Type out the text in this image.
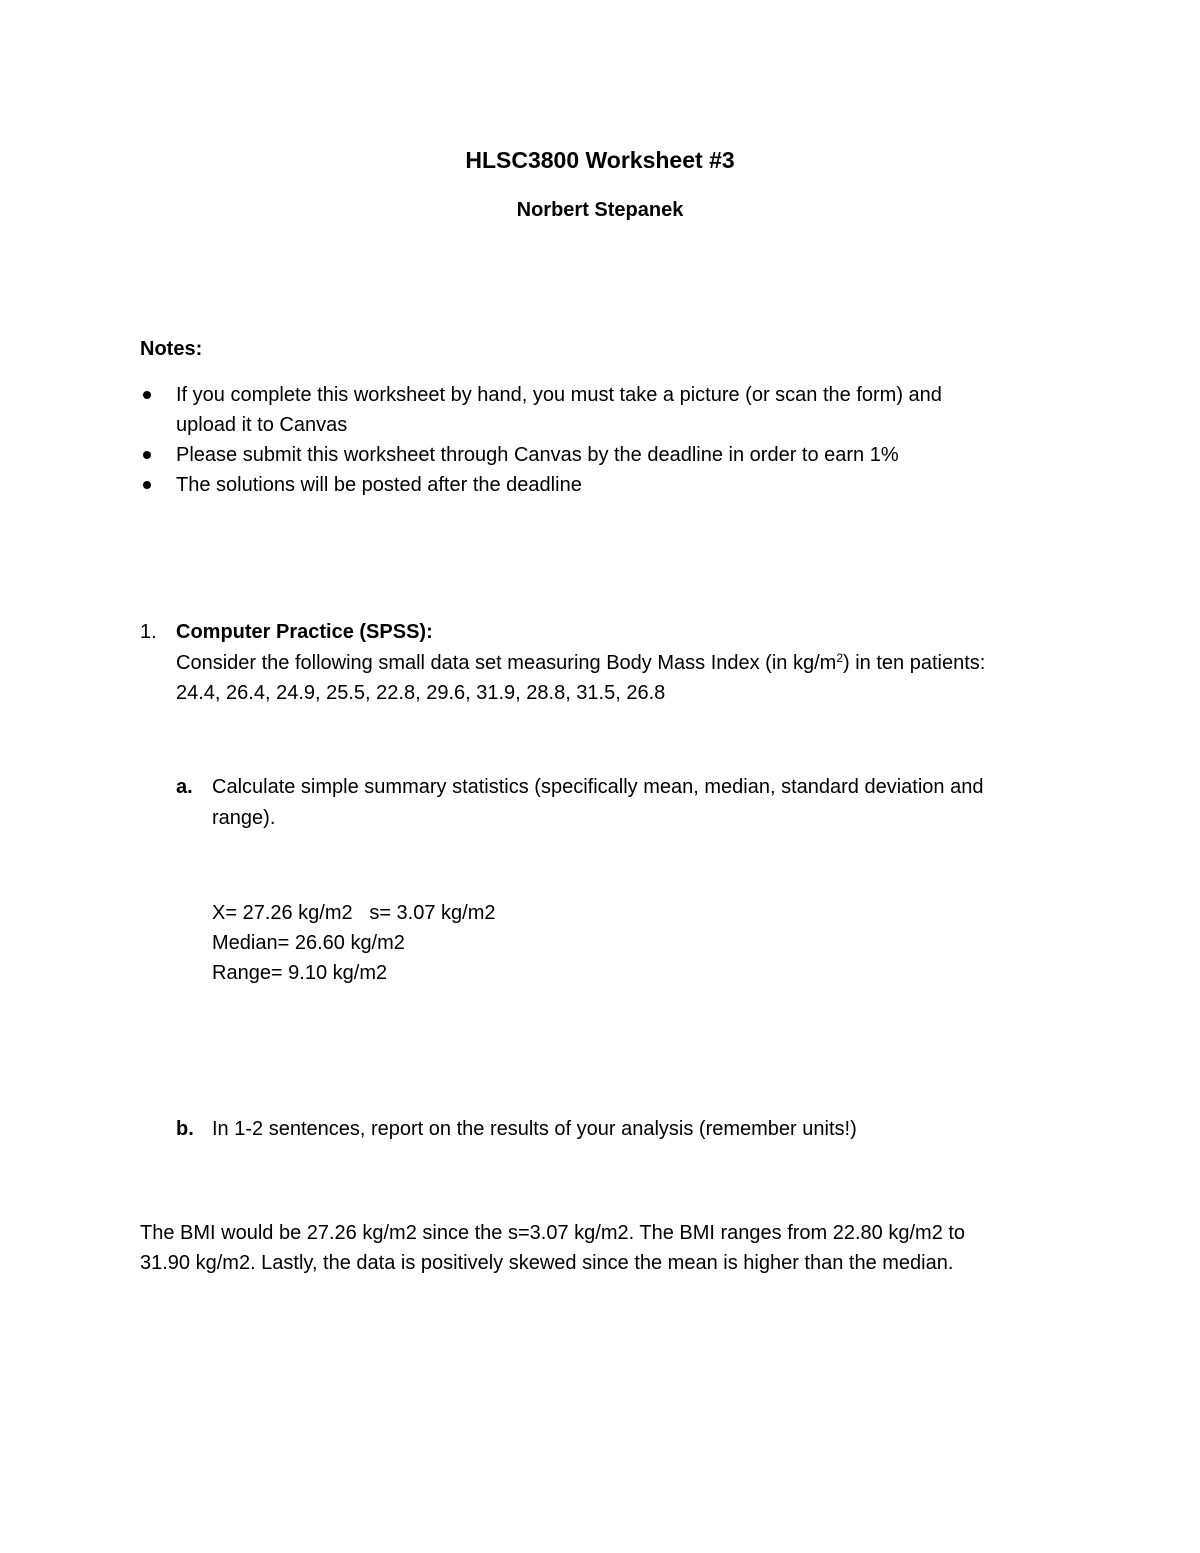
HLSC3800 Worksheet #3
Norbert Stepanek
Notes:
If you complete this worksheet by hand, you must take a picture (or scan the form) and
upload it to Canvas
Please submit this worksheet through Canvas by the deadline in order to earn 1%
The solutions will be posted after the deadline
1. Computer Practice (SPSS):
Consider the following small data set measuring Body Mass Index (in $kg/m^2$) in ten patients:
24.4, 26.4, 24.9, 25.5, 22.8, 29.6, 31.9, 28.8, 31.5, 26.8
a. Calculate simple summary statistics (specifically mean, median, standard deviation and
range).
X= 27.26 kg/m2   s= 3.07 kg/m2
Median= 26.60 kg/m2
Range= 9.10 kg/m2
b. In 1-2 sentences, report on the results of your analysis (remember units!)
The BMI would be 27.26 kg/m2 since the s=3.07 kg/m2. The BMI ranges from 22.80 kg/m2 to
31.90 kg/m2. Lastly, the data is positively skewed since the mean is higher than the median.
